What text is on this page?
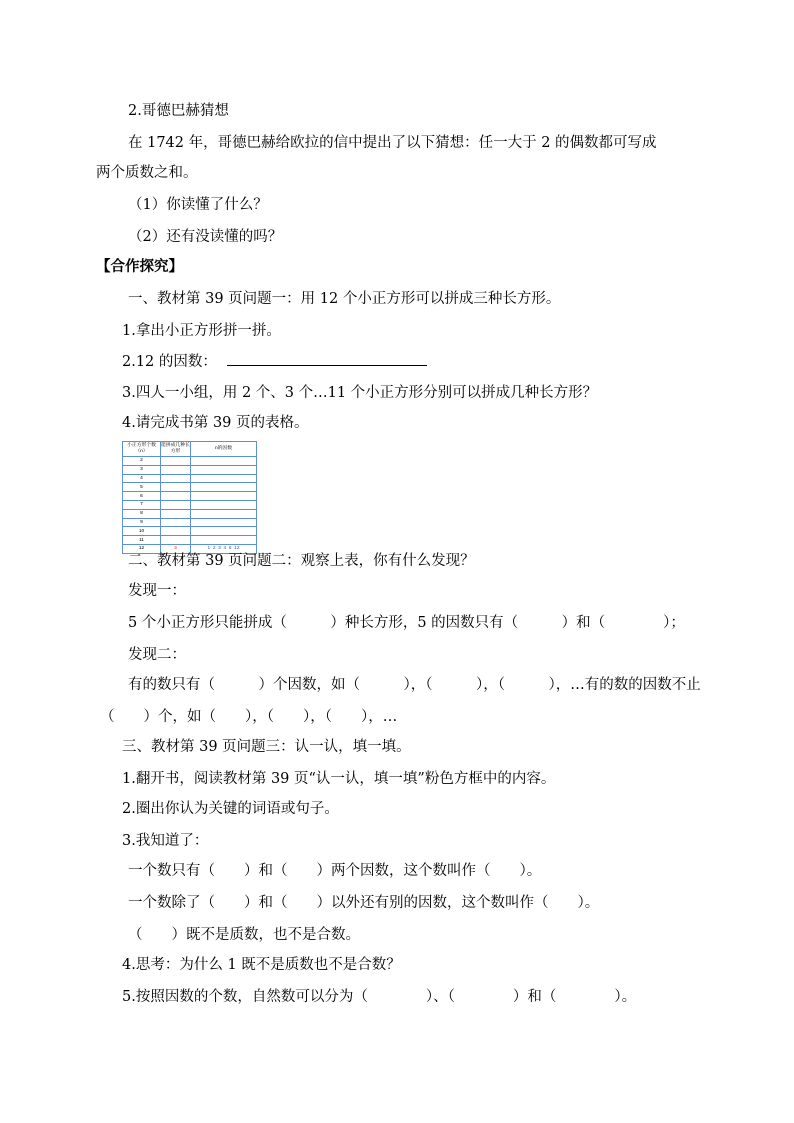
2.哥德巴赫猜想
在 1742 年，哥德巴赫给欧拉的信中提出了以下猜想：任一大于 2 的偶数都可写成
两个质数之和。
（1）你读懂了什么？
（2）还有没读懂的吗？
【合作探究】
一、教材第 39 页问题一：用 12 个小正方形可以拼成三种长方形。
1.拿出小正方形拼一拼。
2.12 的因数：
3.四人一小组，用 2 个、3 个…11 个小正方形分别可以拼成几种长方形？
4.请完成书第 39 页的表格。
小正方形个数（n）	能拼成几种长方形	n的因数
2		
3		
4		
5		
6		
7		
8		
9		
10		
11		
12	3	1  2  3  4  6  12
二、教材第 39 页问题二：观察上表，你有什么发现？
发现一：
5 个小正方形只能拼成（　　　）种长方形，5 的因数只有（　　　）和（　　　　）；
发现二：
有的数只有（　　　）个因数，如（　　　），（　　　），（　　　），…有的数的因数不止
（　　）个，如（　　），（　　），（　　），…
三、教材第 39 页问题三：认一认，填一填。
1.翻开书，阅读教材第 39 页“认一认，填一填”粉色方框中的内容。
2.圈出你认为关键的词语或句子。
3.我知道了：
一个数只有（　　）和（　　）两个因数，这个数叫作（　　）。
一个数除了（　　）和（　　）以外还有别的因数，这个数叫作（　　）。
（　　）既不是质数，也不是合数。
4.思考：为什么 1 既不是质数也不是合数？
5.按照因数的个数，自然数可以分为（　　　　）、（　　　　）和（　　　　）。
